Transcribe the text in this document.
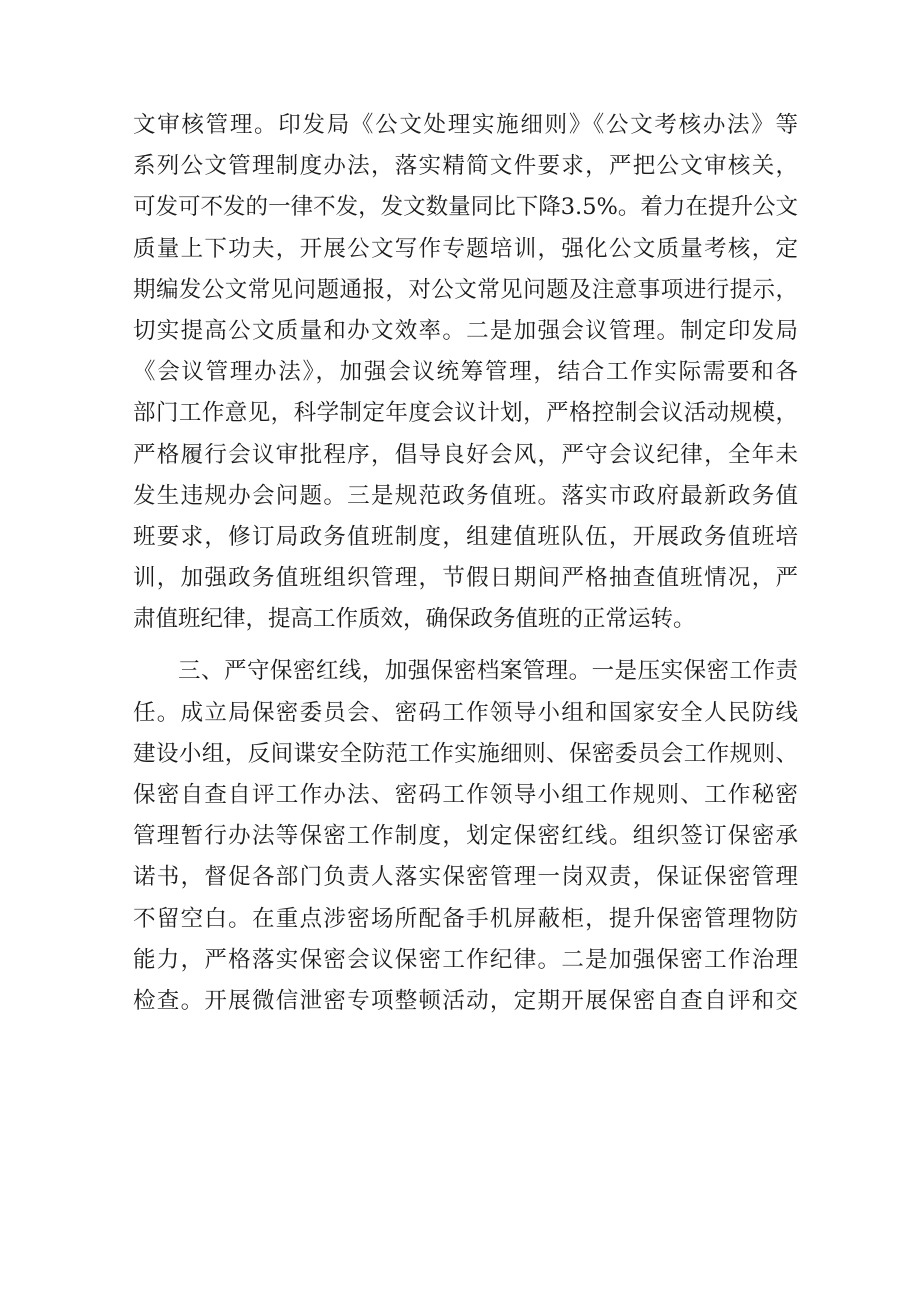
文审核管理。印发局《公文处理实施细则》《公文考核办法》等
系列公文管理制度办法，落实精简文件要求，严把公文审核关，
可发可不发的一律不发，发文数量同比下降3.5%。着力在提升公文
质量上下功夫，开展公文写作专题培训，强化公文质量考核，定
期编发公文常见问题通报，对公文常见问题及注意事项进行提示，
切实提高公文质量和办文效率。二是加强会议管理。制定印发局
《会议管理办法》，加强会议统筹管理，结合工作实际需要和各
部门工作意见，科学制定年度会议计划，严格控制会议活动规模，
严格履行会议审批程序，倡导良好会风，严守会议纪律，全年未
发生违规办会问题。三是规范政务值班。落实市政府最新政务值
班要求，修订局政务值班制度，组建值班队伍，开展政务值班培
训，加强政务值班组织管理，节假日期间严格抽查值班情况，严
肃值班纪律，提高工作质效，确保政务值班的正常运转。
三、严守保密红线，加强保密档案管理。一是压实保密工作责
任。成立局保密委员会、密码工作领导小组和国家安全人民防线
建设小组，反间谍安全防范工作实施细则、保密委员会工作规则、
保密自查自评工作办法、密码工作领导小组工作规则、工作秘密
管理暂行办法等保密工作制度，划定保密红线。组织签订保密承
诺书，督促各部门负责人落实保密管理一岗双责，保证保密管理
不留空白。在重点涉密场所配备手机屏蔽柜，提升保密管理物防
能力，严格落实保密会议保密工作纪律。二是加强保密工作治理
检查。开展微信泄密专项整顿活动，定期开展保密自查自评和交
